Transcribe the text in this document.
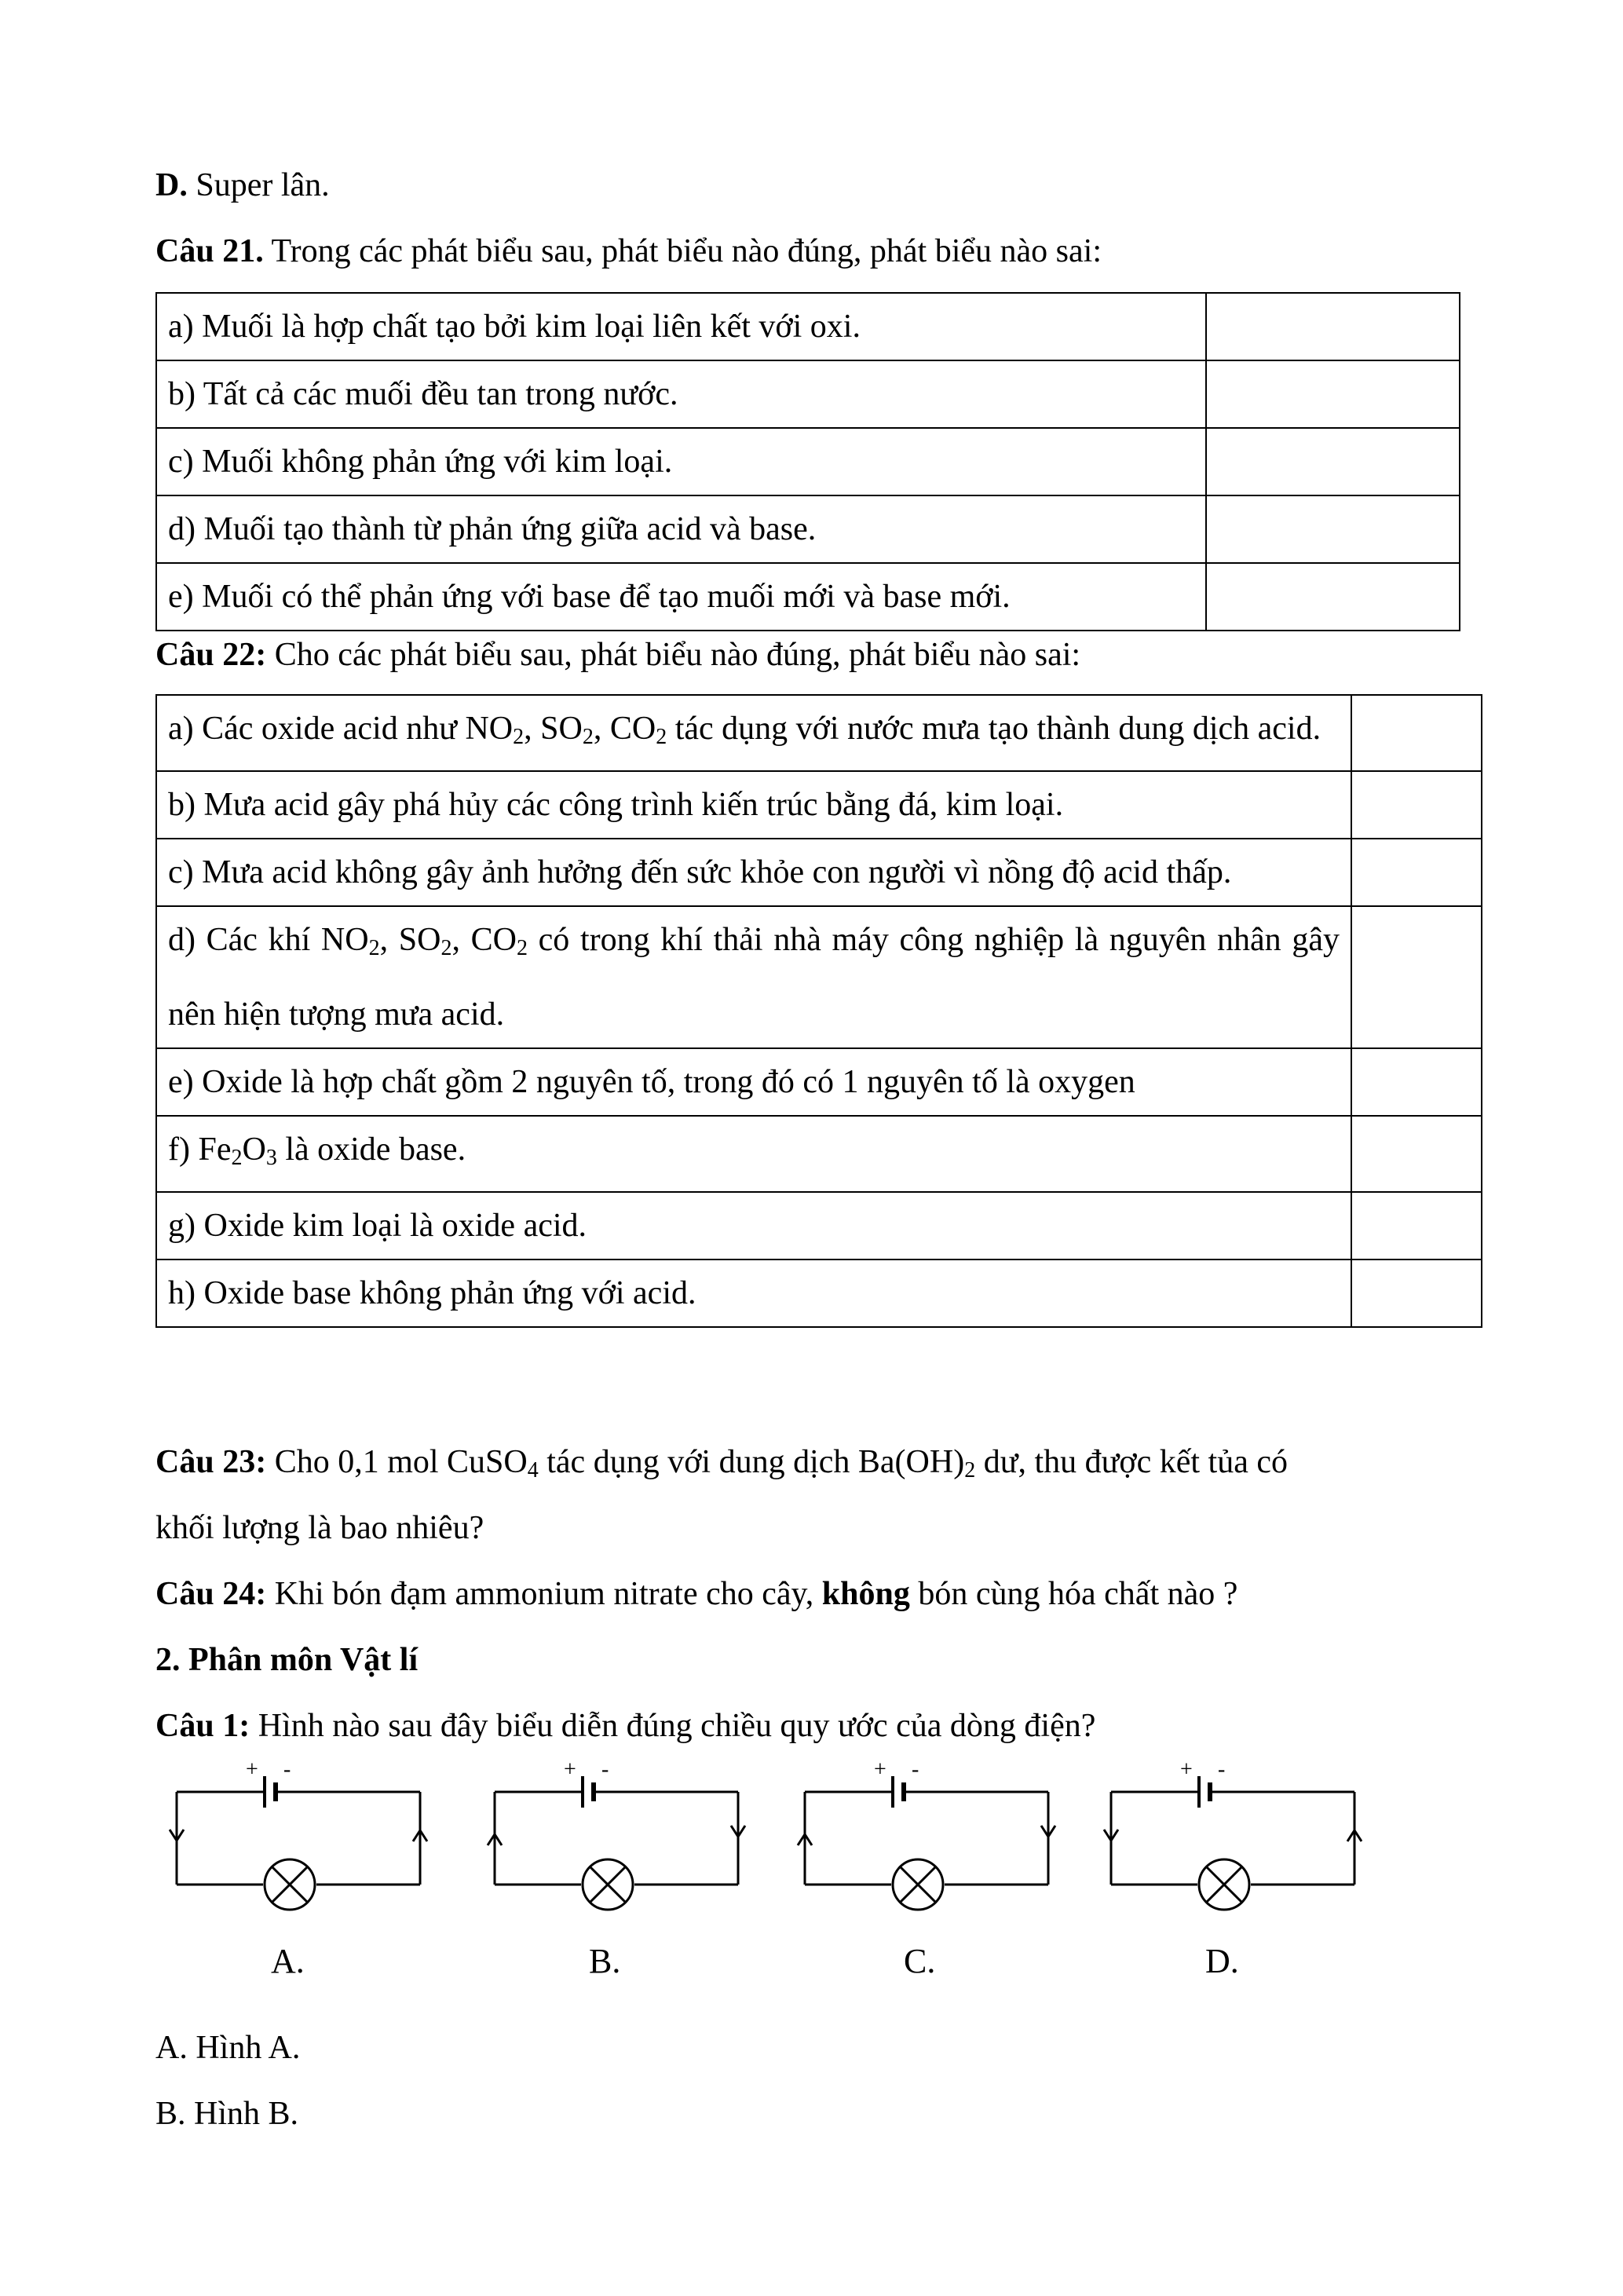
D. Super lân.
Câu 21. Trong các phát biểu sau, phát biểu nào đúng, phát biểu nào sai:
a) Muối là hợp chất tạo bởi kim loại liên kết với oxi.	
b) Tất cả các muối đều tan trong nước.	
c) Muối không phản ứng với kim loại.	
d) Muối tạo thành từ phản ứng giữa acid và base.	
e) Muối có thể phản ứng với base để tạo muối mới và base mới.	
Câu 22: Cho các phát biểu sau, phát biểu nào đúng, phát biểu nào sai:
a) Các oxide acid như $NO_2$, $SO_2$, $CO_2$ tác dụng với nước mưa tạo thành dung dịch acid.	
b) Mưa acid gây phá hủy các công trình kiến trúc bằng đá, kim loại.	
c) Mưa acid không gây ảnh hưởng đến sức khỏe con người vì nồng độ acid thấp.	
d) Các khí $NO_2$, $SO_2$, $CO_2$ có trong khí thải nhà máy công nghiệp là nguyên nhân gây nên hiện tượng mưa acid.	
e) Oxide là hợp chất gồm 2 nguyên tố, trong đó có 1 nguyên tố là oxygen	
f) $Fe_2O_3$ là oxide base.	
g) Oxide kim loại là oxide acid.	
h) Oxide base không phản ứng với acid.	
Câu 23: Cho 0,1 mol CuSO$_4$ tác dụng với dung dịch $Ba(OH)_2$ dư, thu được kết tủa có
khối lượng là bao nhiêu?
Câu 24: Khi bón đạm ammonium nitrate cho cây, không bón cùng hóa chất nào ?
2. Phân môn Vật lí
Câu 1: Hình nào sau đây biểu diễn đúng chiều quy ước của dòng điện?
+ -
A.
+ -
B.
+ -
C.
+ -
D.
A. Hình A.
B. Hình B.
